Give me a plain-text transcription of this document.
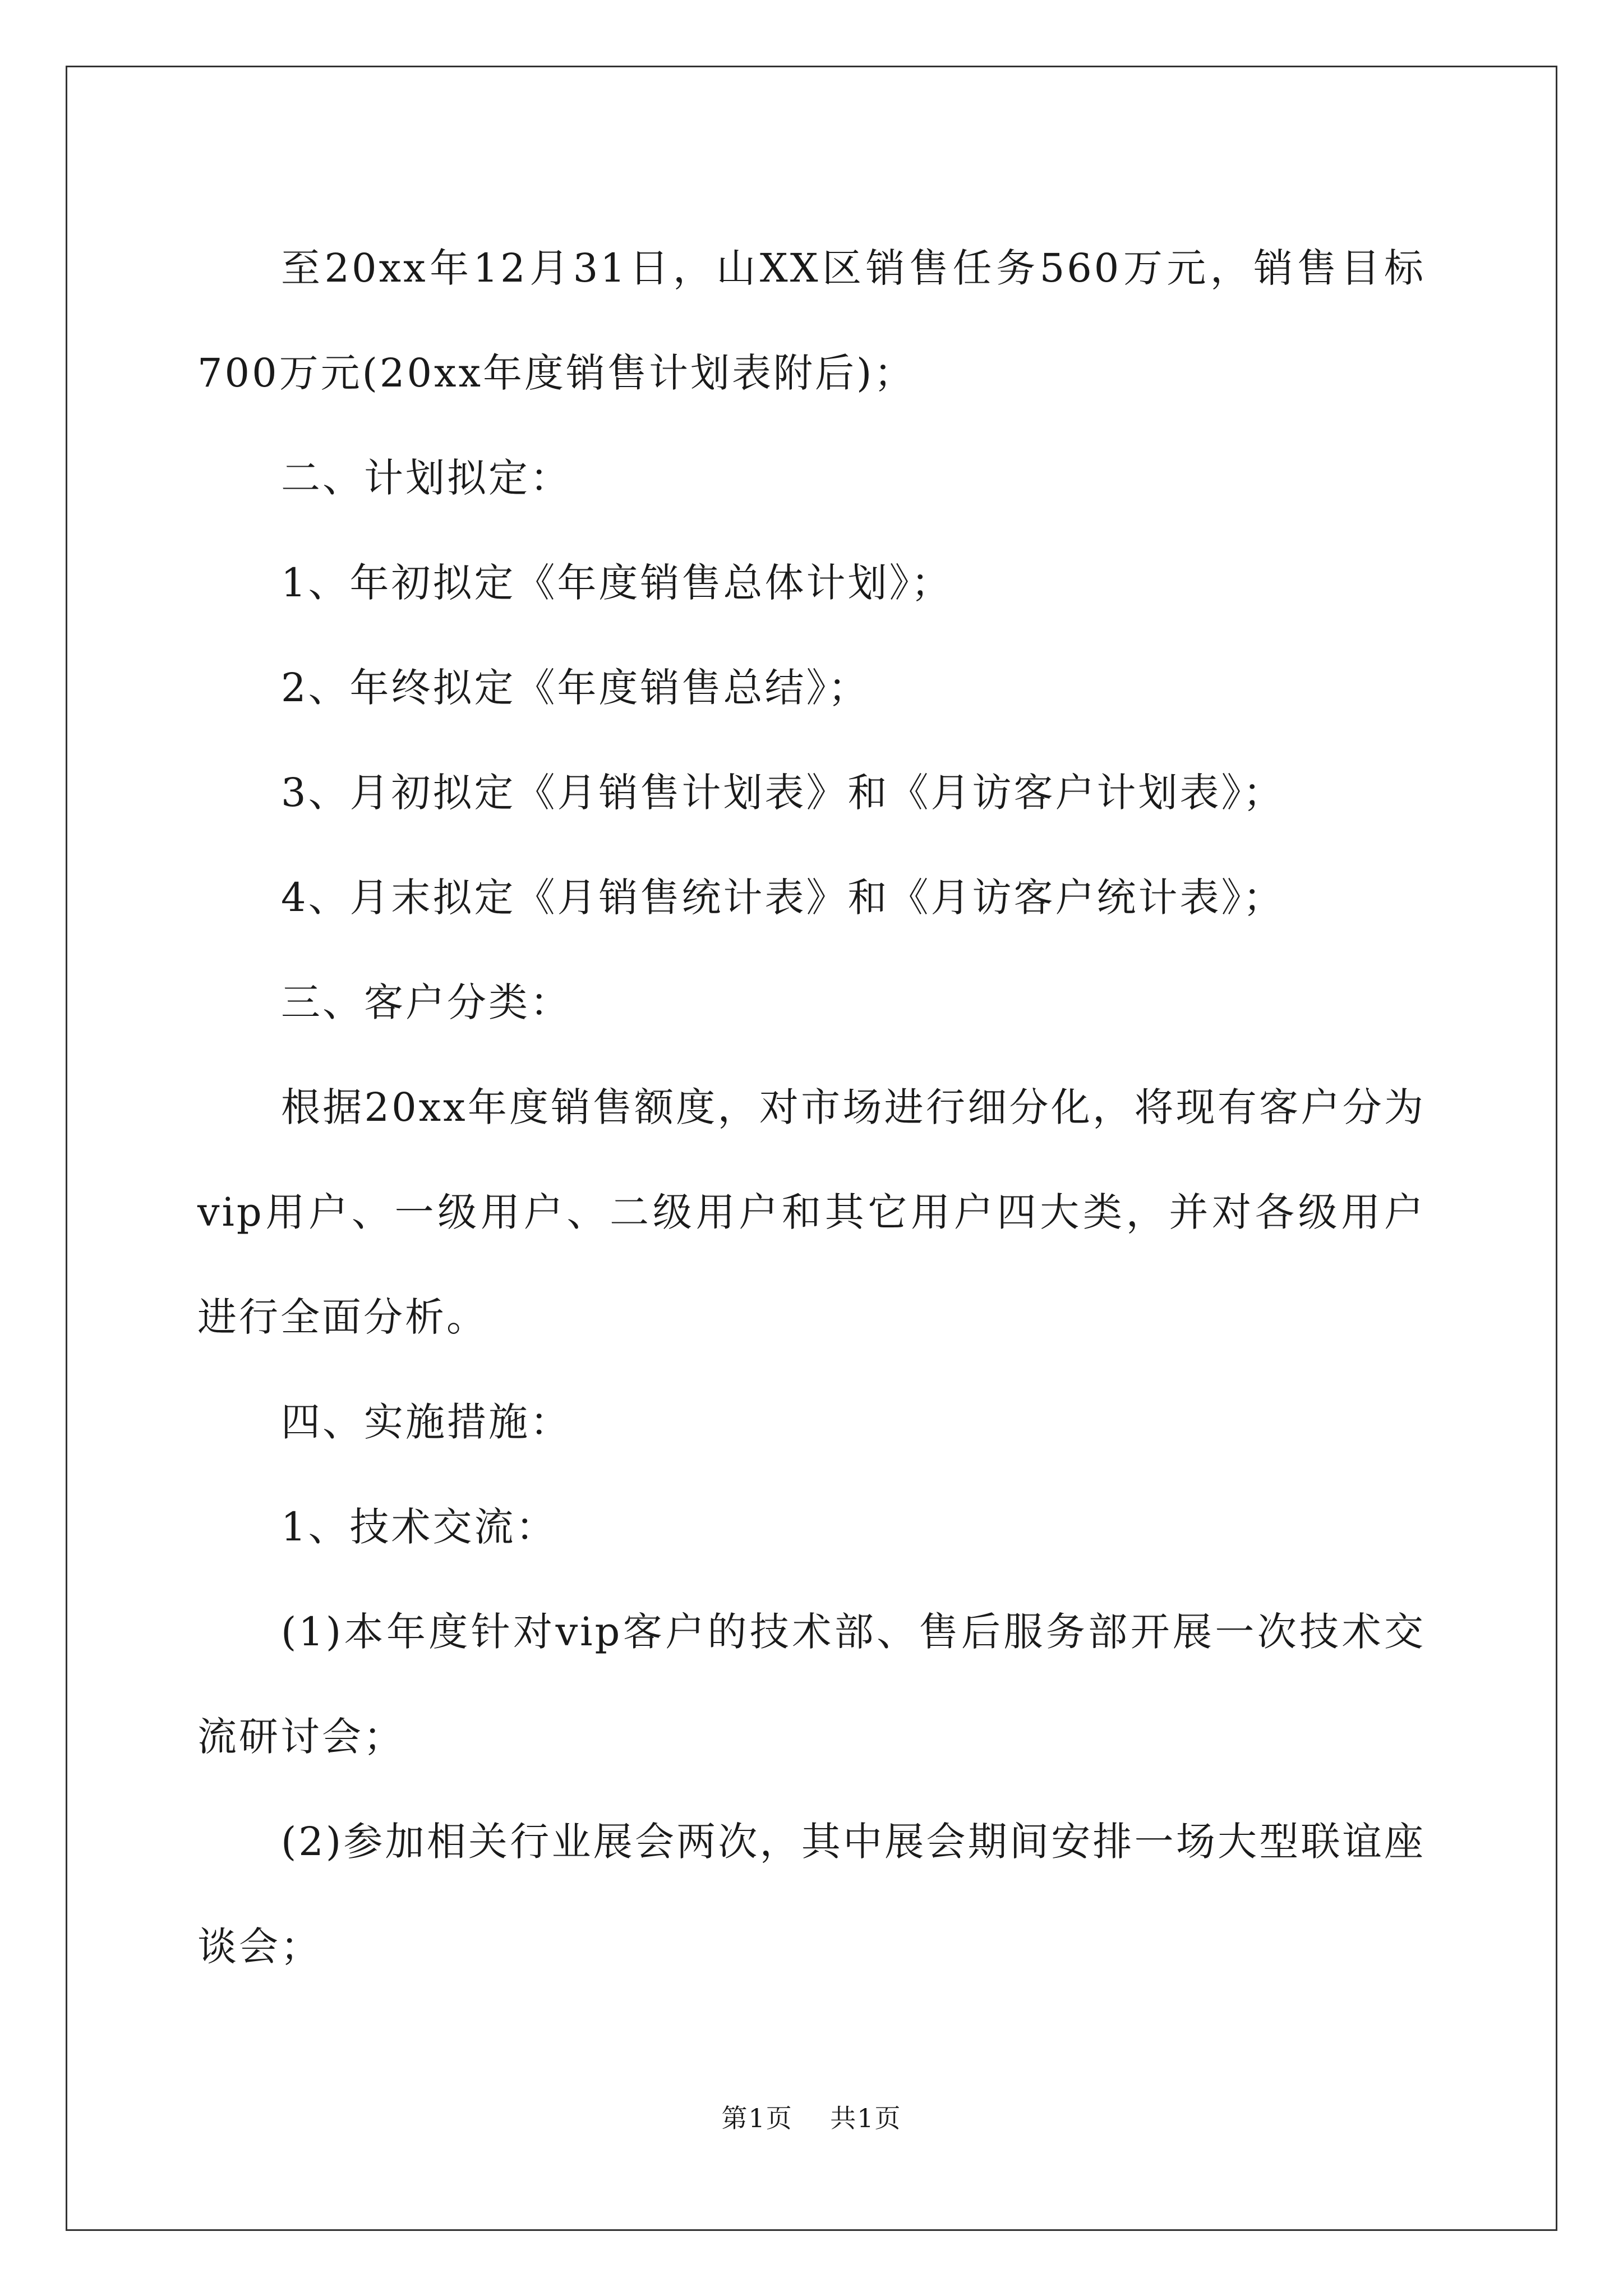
至20xx年12月31日，山XX区销售任务560万元，销售目标700万元(20xx年度销售计划表附后)；

二、计划拟定：

1、年初拟定《年度销售总体计划》；

2、年终拟定《年度销售总结》；

3、月初拟定《月销售计划表》和《月访客户计划表》；

4、月末拟定《月销售统计表》和《月访客户统计表》；

三、客户分类：

根据20xx年度销售额度，对市场进行细分化，将现有客户分为vip用户、一级用户、二级用户和其它用户四大类，并对各级用户进行全面分析。

四、实施措施：

1、技术交流：

(1)本年度针对vip客户的技术部、售后服务部开展一次技术交流研讨会；

(2)参加相关行业展会两次，其中展会期间安排一场大型联谊座谈会；

第1页 共1页
